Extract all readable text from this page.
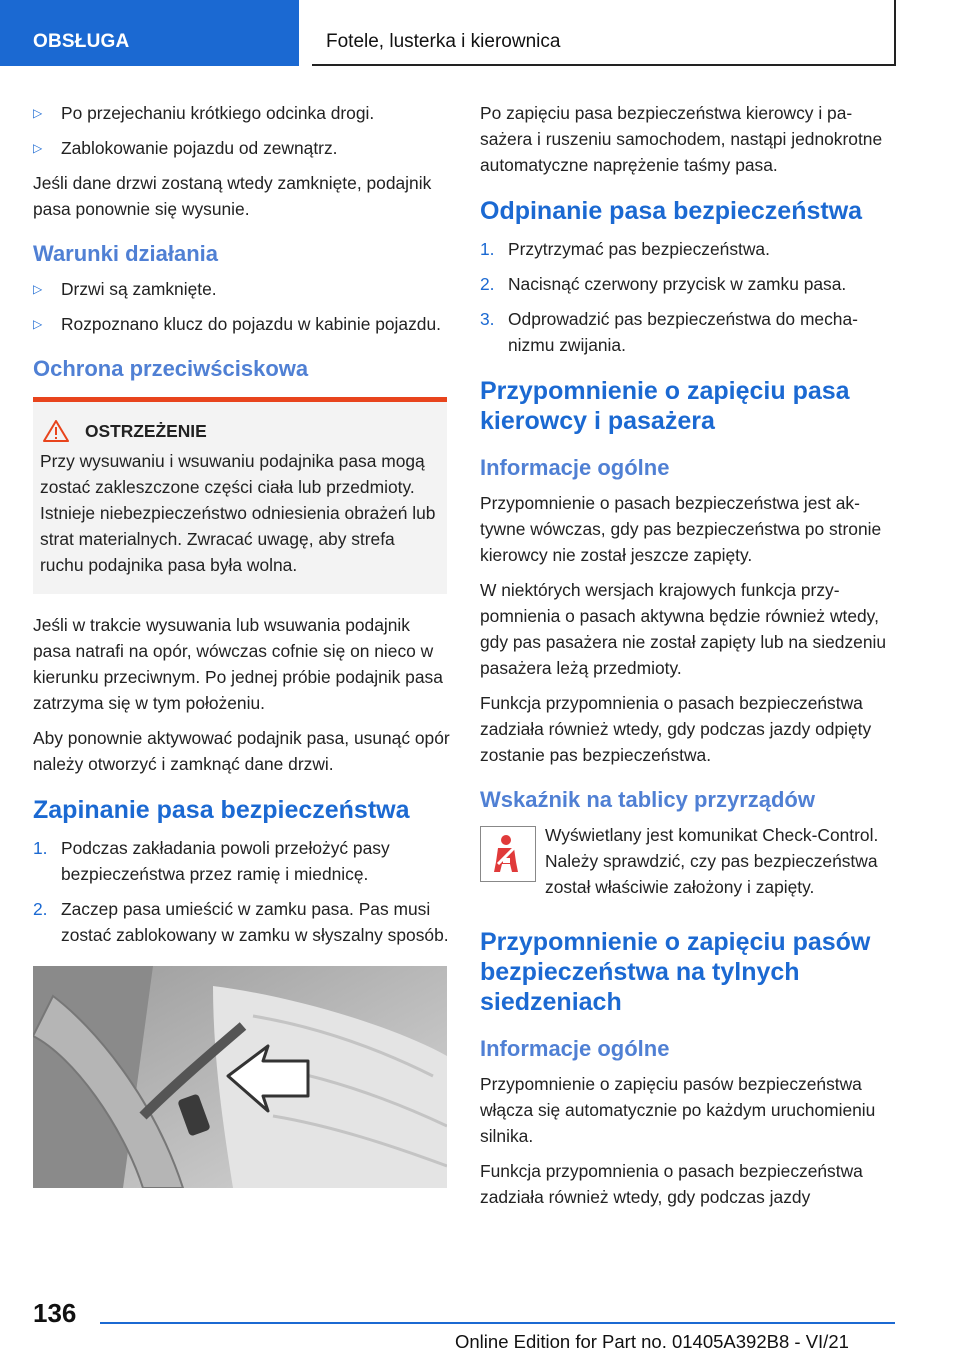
OBSŁUGA	Fotele, lusterka i kierownica
▷ Po przejechaniu krótkiego odcinka drogi.
▷ Zablokowanie pojazdu od zewnątrz.

Jeśli dane drzwi zostaną wtedy zamknięte, podajnik pasa ponownie się wysunie.

Warunki działania
▷ Drzwi są zamknięte.
▷ Rozpoznano klucz do pojazdu w kabinie pojazdu.
Ochrona przeciwściskowa
OSTRZEŻENIE
Przy wysuwaniu i wsuwaniu podajnika pasa mogą zostać zakleszczone części ciała lub przedmioty. Istnieje niebezpieczeństwo odniesienia obrażeń lub strat materialnych. Zwracać uwagę, aby strefa ruchu podajnika pasa była wolna.

Jeśli w trakcie wysuwania lub wsuwania podajnik pasa natrafi na opór, wówczas cofnie się on nieco w kierunku przeciwnym. Po jednej próbie podajnik pasa zatrzyma się w tym położeniu.

Aby ponownie aktywować podajnik pasa, usunąć opór należy otworzyć i zamknąć dane drzwi.

Zapinanie pasa bezpieczeństwa
1. Podczas zakładania powoli przełożyć pasy bezpieczeństwa przez ramię i miednicę.
2. Zaczep pasa umieścić w zamku pasa. Pas musi zostać zablokowany w zamku w słyszalny sposób.

Po zapięciu pasa bezpieczeństwa kierowcy i pasażera i ruszeniu samochodem, nastąpi jednokrotne automatyczne naprężenie taśmy pasa.

Odpinanie pasa bezpieczeństwa
1. Przytrzymać pas bezpieczeństwa.
2. Nacisnąć czerwony przycisk w zamku pasa.
3. Odprowadzić pas bezpieczeństwa do mechanizmu zwijania.
Przypomnienie o zapięciu pasa kierowcy i pasażera
Informacje ogólne

Przypomnienie o pasach bezpieczeństwa jest aktywne wówczas, gdy pas bezpieczeństwa po stronie kierowcy nie został jeszcze zapięty.

W niektórych wersjach krajowych funkcja przypomnienia o pasach aktywna będzie również wtedy, gdy pas pasażera nie został zapięty lub na siedzeniu pasażera leżą przedmioty.

Funkcja przypomnienia o pasach bezpieczeństwa zadziała również wtedy, gdy podczas jazdy odpięty zostanie pas bezpieczeństwa.

Wskaźnik na tablicy przyrządów

Wyświetlany jest komunikat Check-Control. Należy sprawdzić, czy pas bezpieczeństwa został właściwie założony i zapięty.

Przypomnienie o zapięciu pasów bezpieczeństwa na tylnych siedzeniach
Informacje ogólne

Przypomnienie o zapięciu pasów bezpieczeństwa włącza się automatycznie po każdym uruchomieniu silnika.

Funkcja przypomnienia o pasach bezpieczeństwa zadziała również wtedy, gdy podczas jazdy

136
Online Edition for Part no. 01405A392B8 - VI/21
